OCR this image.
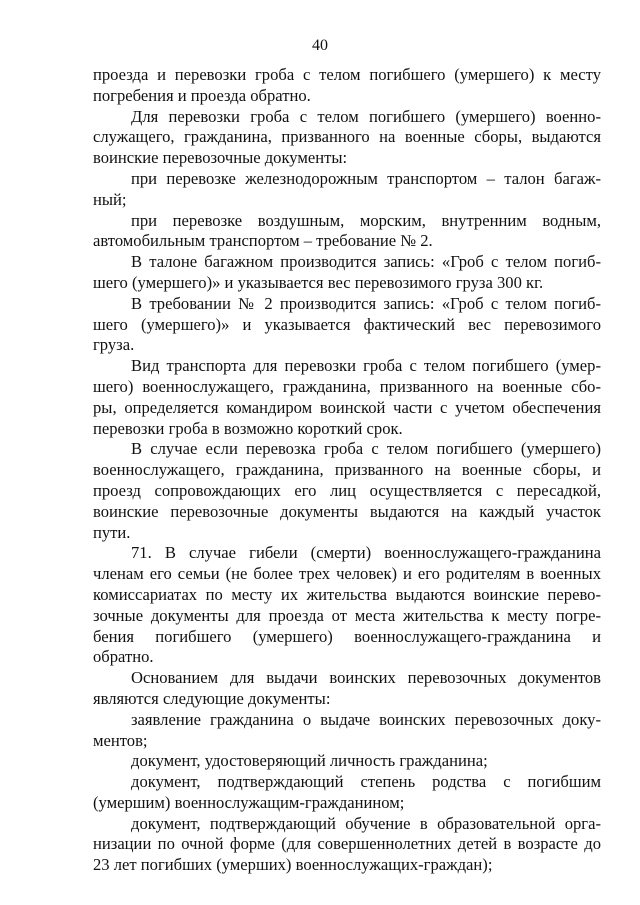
40
проезда и перевозки гроба с телом погибшего (умершего) к месту
погребения и проезда обратно.
Для перевозки гроба с телом погибшего (умершего) военно-
служащего, гражданина, призванного на военные сборы, выдаются
воинские перевозочные документы:
при перевозке железнодорожным транспортом – талон багаж-
ный;
при перевозке воздушным, морским, внутренним водным,
автомобильным транспортом – требование № 2.
В талоне багажном производится запись: «Гроб с телом погиб-
шего (умершего)» и указывается вес перевозимого груза 300 кг.
В требовании № 2 производится запись: «Гроб с телом погиб-
шего (умершего)» и указывается фактический вес перевозимого
груза.
Вид транспорта для перевозки гроба с телом погибшего (умер-
шего) военнослужащего, гражданина, призванного на военные сбо-
ры, определяется командиром воинской части с учетом обеспечения
перевозки гроба в возможно короткий срок.
В случае если перевозка гроба с телом погибшего (умершего)
военнослужащего, гражданина, призванного на военные сборы, и
проезд сопровождающих его лиц осуществляется с пересадкой,
воинские перевозочные документы выдаются на каждый участок
пути.
71. В случае гибели (смерти) военнослужащего-гражданина
членам его семьи (не более трех человек) и его родителям в военных
комиссариатах по месту их жительства выдаются воинские перево-
зочные документы для проезда от места жительства к месту погре-
бения погибшего (умершего) военнослужащего-гражданина и
обратно.
Основанием для выдачи воинских перевозочных документов
являются следующие документы:
заявление гражданина о выдаче воинских перевозочных доку-
ментов;
документ, удостоверяющий личность гражданина;
документ, подтверждающий степень родства с погибшим
(умершим) военнослужащим-гражданином;
документ, подтверждающий обучение в образовательной орга-
низации по очной форме (для совершеннолетних детей в возрасте до
23 лет погибших (умерших) военнослужащих-граждан);
